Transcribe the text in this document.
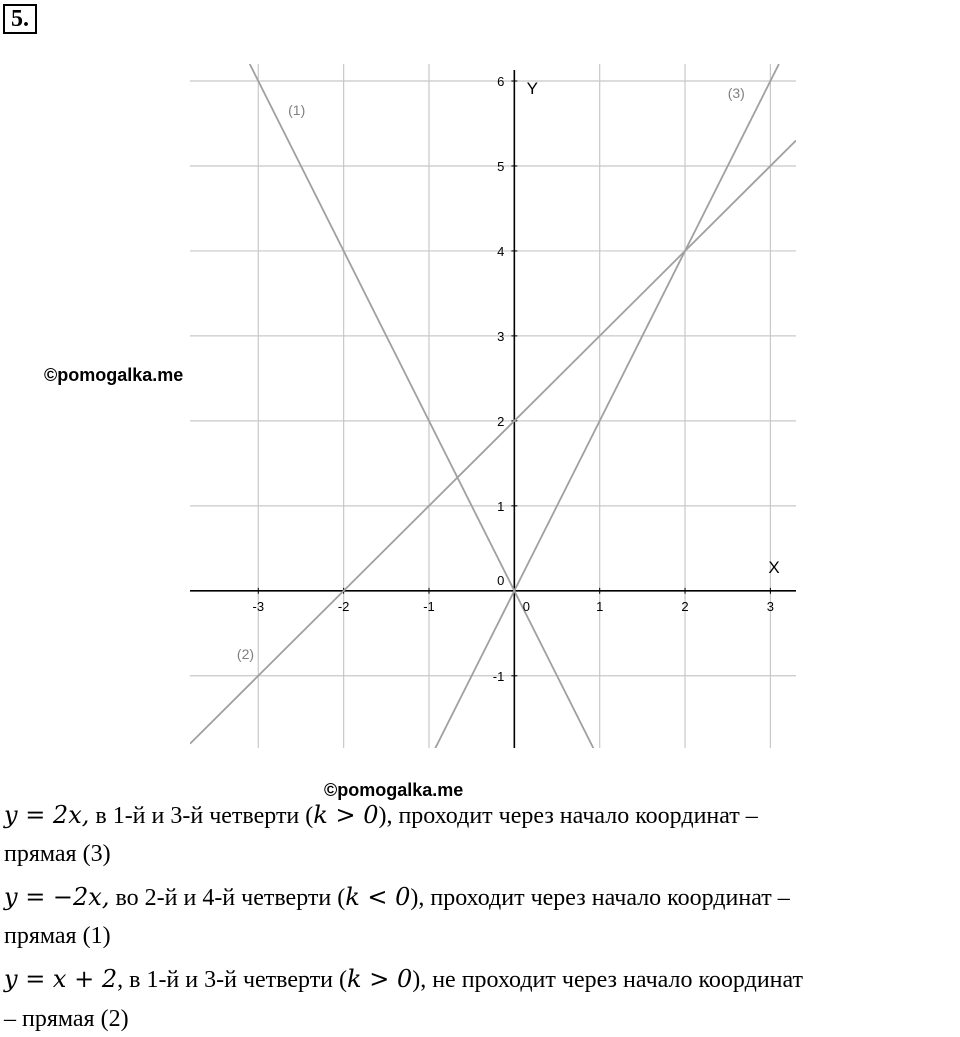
5.
-3	-2	-1	0	1	2	3
-1
0
1
2
3
4
5
6
X
Y
(1)
(2)
(3)
©pomogalka.me
©pomogalka.me
y = 2x, в 1-й и 3-й четверти (k > 0), проходит через начало координат –
прямая (3)
y = −2x, во 2-й и 4-й четверти (k < 0), проходит через начало координат –
прямая (1)
y = x + 2, в 1-й и 3-й четверти (k > 0), не проходит через начало координат
– прямая (2)
